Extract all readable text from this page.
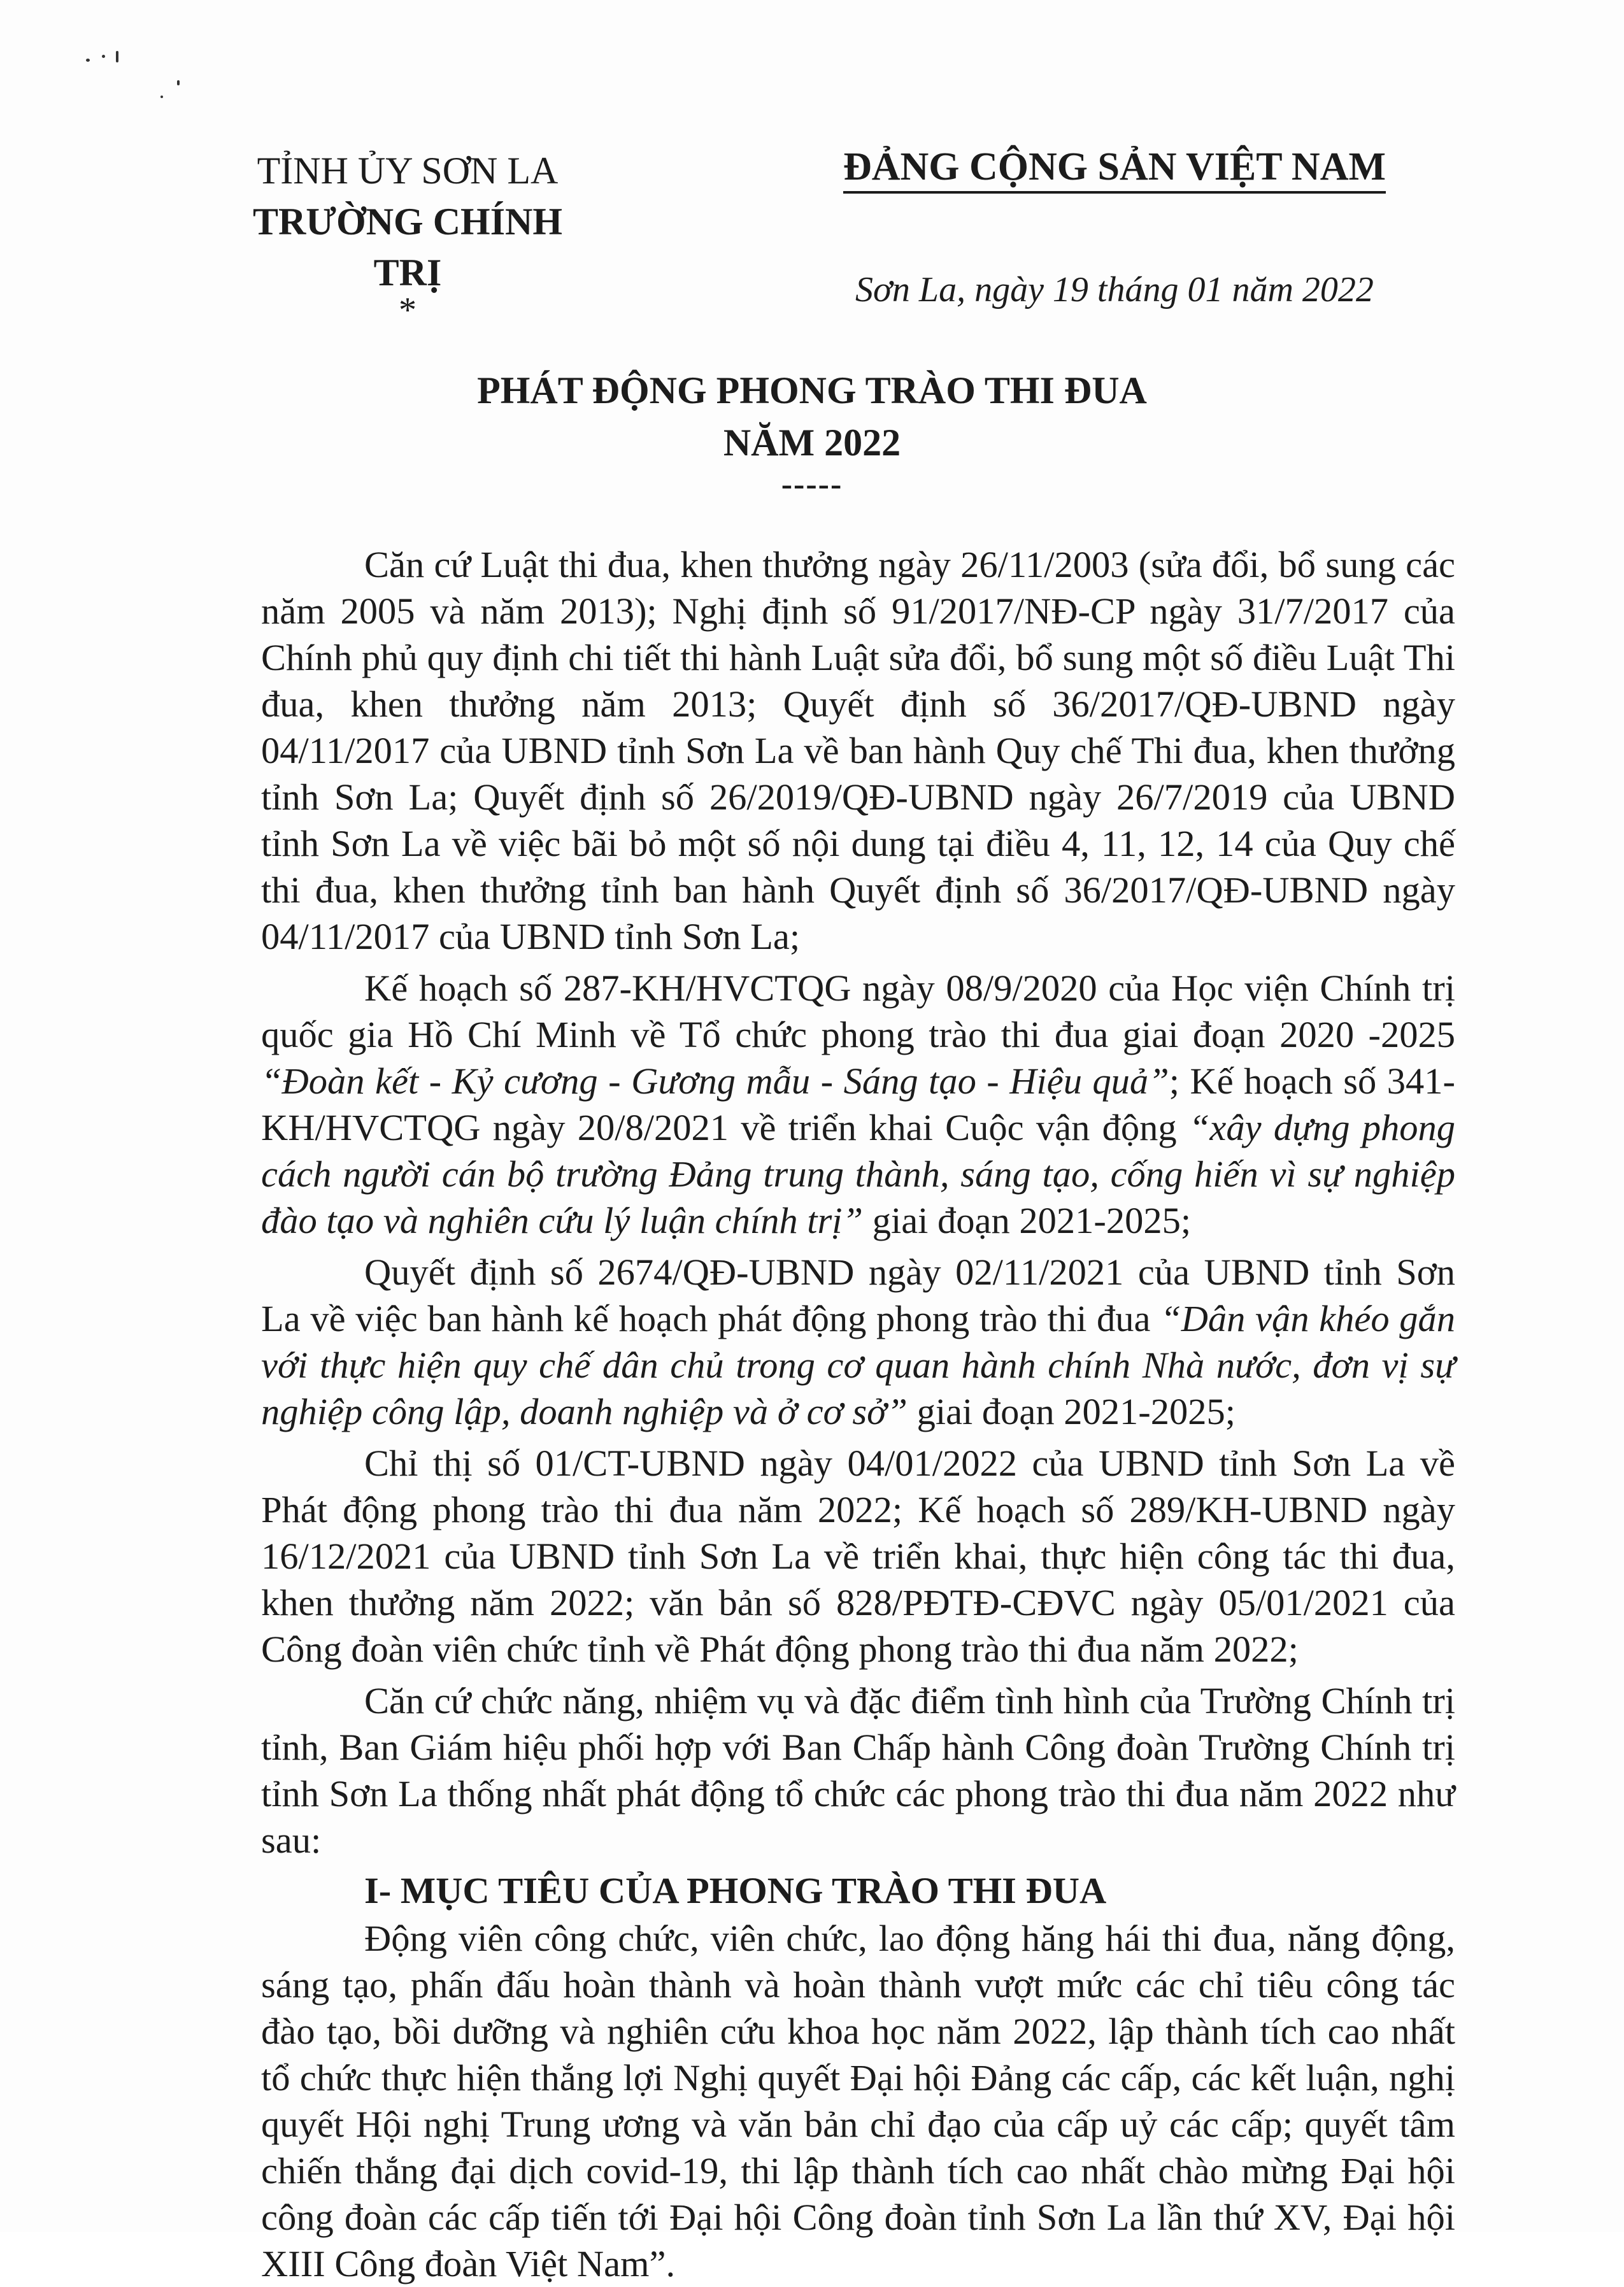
TỈNH ỦY SƠN LA
TRƯỜNG CHÍNH TRỊ
*
ĐẢNG CỘNG SẢN VIỆT NAM
Sơn La, ngày 19 tháng 01 năm 2022
PHÁT ĐỘNG PHONG TRÀO THI ĐUA
NĂM 2022
-----

Căn cứ Luật thi đua, khen thưởng ngày 26/11/2003 (sửa đổi, bổ sung các năm 2005 và năm 2013); Nghị định số 91/2017/NĐ-CP ngày 31/7/2017 của Chính phủ quy định chi tiết thi hành Luật sửa đổi, bổ sung một số điều Luật Thi đua, khen thưởng năm 2013; Quyết định số 36/2017/QĐ-UBND ngày 04/11/2017 của UBND tỉnh Sơn La về ban hành Quy chế Thi đua, khen thưởng tỉnh Sơn La; Quyết định số 26/2019/QĐ-UBND ngày 26/7/2019 của UBND tỉnh Sơn La về việc bãi bỏ một số nội dung tại điều 4, 11, 12, 14 của Quy chế thi đua, khen thưởng tỉnh ban hành Quyết định số 36/2017/QĐ-UBND ngày 04/11/2017 của UBND tỉnh Sơn La;

Kế hoạch số 287-KH/HVCTQG ngày 08/9/2020 của Học viện Chính trị quốc gia Hồ Chí Minh về Tổ chức phong trào thi đua giai đoạn 2020 -2025 “Đoàn kết - Kỷ cương - Gương mẫu - Sáng tạo - Hiệu quả”; Kế hoạch số 341-KH/HVCTQG ngày 20/8/2021 về triển khai Cuộc vận động “xây dựng phong cách người cán bộ trường Đảng trung thành, sáng tạo, cống hiến vì sự nghiệp đào tạo và nghiên cứu lý luận chính trị” giai đoạn 2021-2025;

Quyết định số 2674/QĐ-UBND ngày 02/11/2021 của UBND tỉnh Sơn La về việc ban hành kế hoạch phát động phong trào thi đua “Dân vận khéo gắn với thực hiện quy chế dân chủ trong cơ quan hành chính Nhà nước, đơn vị sự nghiệp công lập, doanh nghiệp và ở cơ sở” giai đoạn 2021-2025;

Chỉ thị số 01/CT-UBND ngày 04/01/2022 của UBND tỉnh Sơn La về Phát động phong trào thi đua năm 2022; Kế hoạch số 289/KH-UBND ngày 16/12/2021 của UBND tỉnh Sơn La về triển khai, thực hiện công tác thi đua, khen thưởng năm 2022; văn bản số 828/PĐTĐ-CĐVC ngày 05/01/2021 của Công đoàn viên chức tỉnh về Phát động phong trào thi đua năm 2022;

Căn cứ chức năng, nhiệm vụ và đặc điểm tình hình của Trường Chính trị tỉnh, Ban Giám hiệu phối hợp với Ban Chấp hành Công đoàn Trường Chính trị tỉnh Sơn La thống nhất phát động tổ chức các phong trào thi đua năm 2022 như sau:

I- MỤC TIÊU CỦA PHONG TRÀO THI ĐUA

Động viên công chức, viên chức, lao động hăng hái thi đua, năng động, sáng tạo, phấn đấu hoàn thành và hoàn thành vượt mức các chỉ tiêu công tác đào tạo, bồi dưỡng và nghiên cứu khoa học năm 2022, lập thành tích cao nhất tổ chức thực hiện thắng lợi Nghị quyết Đại hội Đảng các cấp, các kết luận, nghị quyết Hội nghị Trung ương và văn bản chỉ đạo của cấp uỷ các cấp; quyết tâm chiến thắng đại dịch covid-19, thi lập thành tích cao nhất chào mừng Đại hội công đoàn các cấp tiến tới Đại hội Công đoàn tỉnh Sơn La lần thứ XV, Đại hội XIII Công đoàn Việt Nam”.
